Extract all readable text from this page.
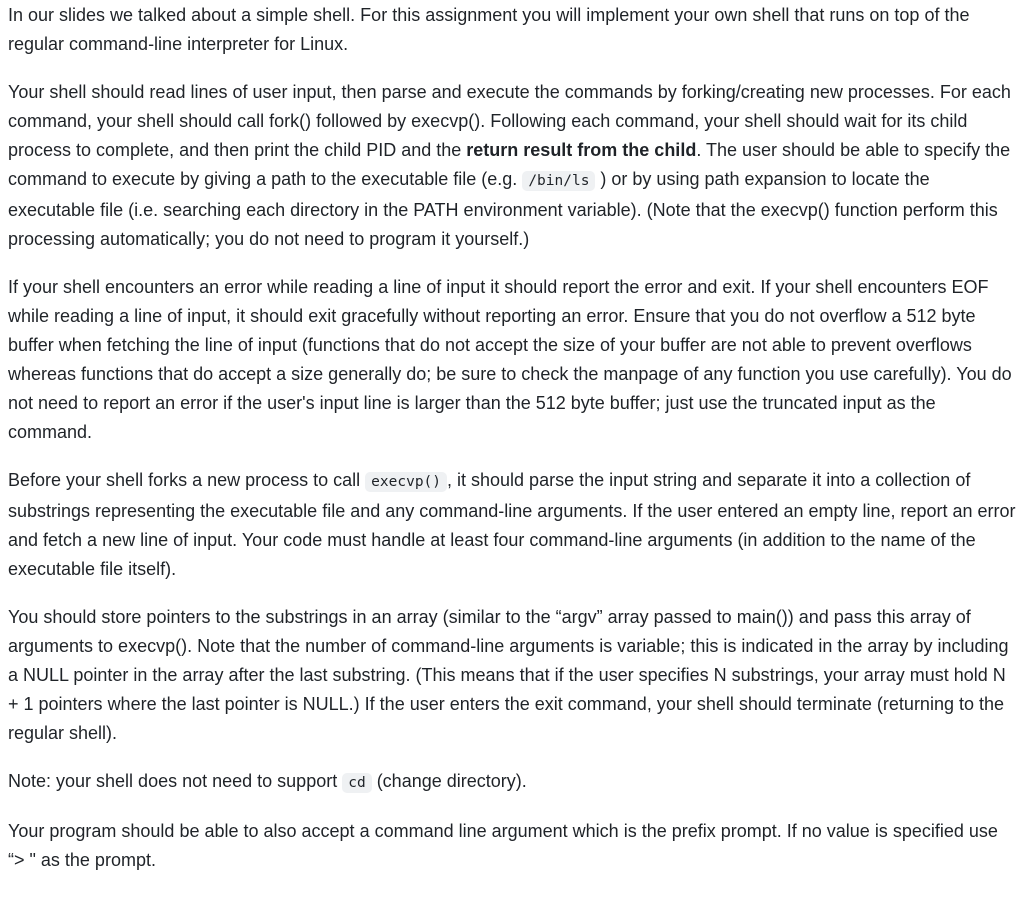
In our slides we talked about a simple shell. For this assignment you will implement your own shell that runs on top of the regular command-line interpreter for Linux.

Your shell should read lines of user input, then parse and execute the commands by forking/creating new processes. For each command, your shell should call fork() followed by execvp(). Following each command, your shell should wait for its child process to complete, and then print the child PID and the return result from the child. The user should be able to specify the command to execute by giving a path to the executable file (e.g. /bin/ls ) or by using path expansion to locate the executable file (i.e. searching each directory in the PATH environment variable). (Note that the execvp() function perform this processing automatically; you do not need to program it yourself.)

If your shell encounters an error while reading a line of input it should report the error and exit. If your shell encounters EOF while reading a line of input, it should exit gracefully without reporting an error. Ensure that you do not overflow a 512 byte buffer when fetching the line of input (functions that do not accept the size of your buffer are not able to prevent overflows whereas functions that do accept a size generally do; be sure to check the manpage of any function you use carefully). You do not need to report an error if the user's input line is larger than the 512 byte buffer; just use the truncated input as the command.

Before your shell forks a new process to call execvp() , it should parse the input string and separate it into a collection of substrings representing the executable file and any command-line arguments. If the user entered an empty line, report an error and fetch a new line of input. Your code must handle at least four command-line arguments (in addition to the name of the executable file itself).

You should store pointers to the substrings in an array (similar to the “argv” array passed to main()) and pass this array of arguments to execvp(). Note that the number of command-line arguments is variable; this is indicated in the array by including a NULL pointer in the array after the last substring. (This means that if the user specifies N substrings, your array must hold N + 1 pointers where the last pointer is NULL.) If the user enters the exit command, your shell should terminate (returning to the regular shell).

Note: your shell does not need to support cd (change directory).

Your program should be able to also accept a command line argument which is the prefix prompt. If no value is specified use “> " as the prompt.
